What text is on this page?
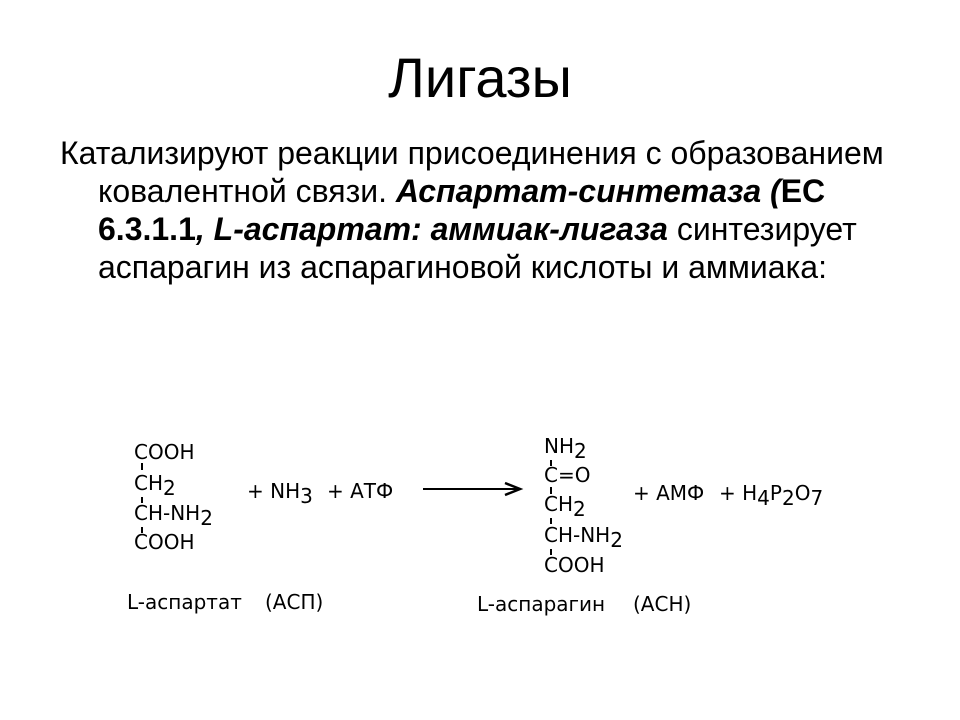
Лигазы

Катализируют реакции присоединения с образованием ковалентной связи. Аспартат-синтетаза (ЕС 6.3.1.1, L-аспартат: аммиак-лигаза синтезирует аспарагин из аспарагиновой кислоты и аммиака:

COOH
CH2
CH-NH2
COOH
+ NH3 + АТФ
NH2
C=O
CH2
CH-NH2
COOH
+ АМФ + H4P2O7
L-аспартат (АСП)	L-аспарагин (АСН)
